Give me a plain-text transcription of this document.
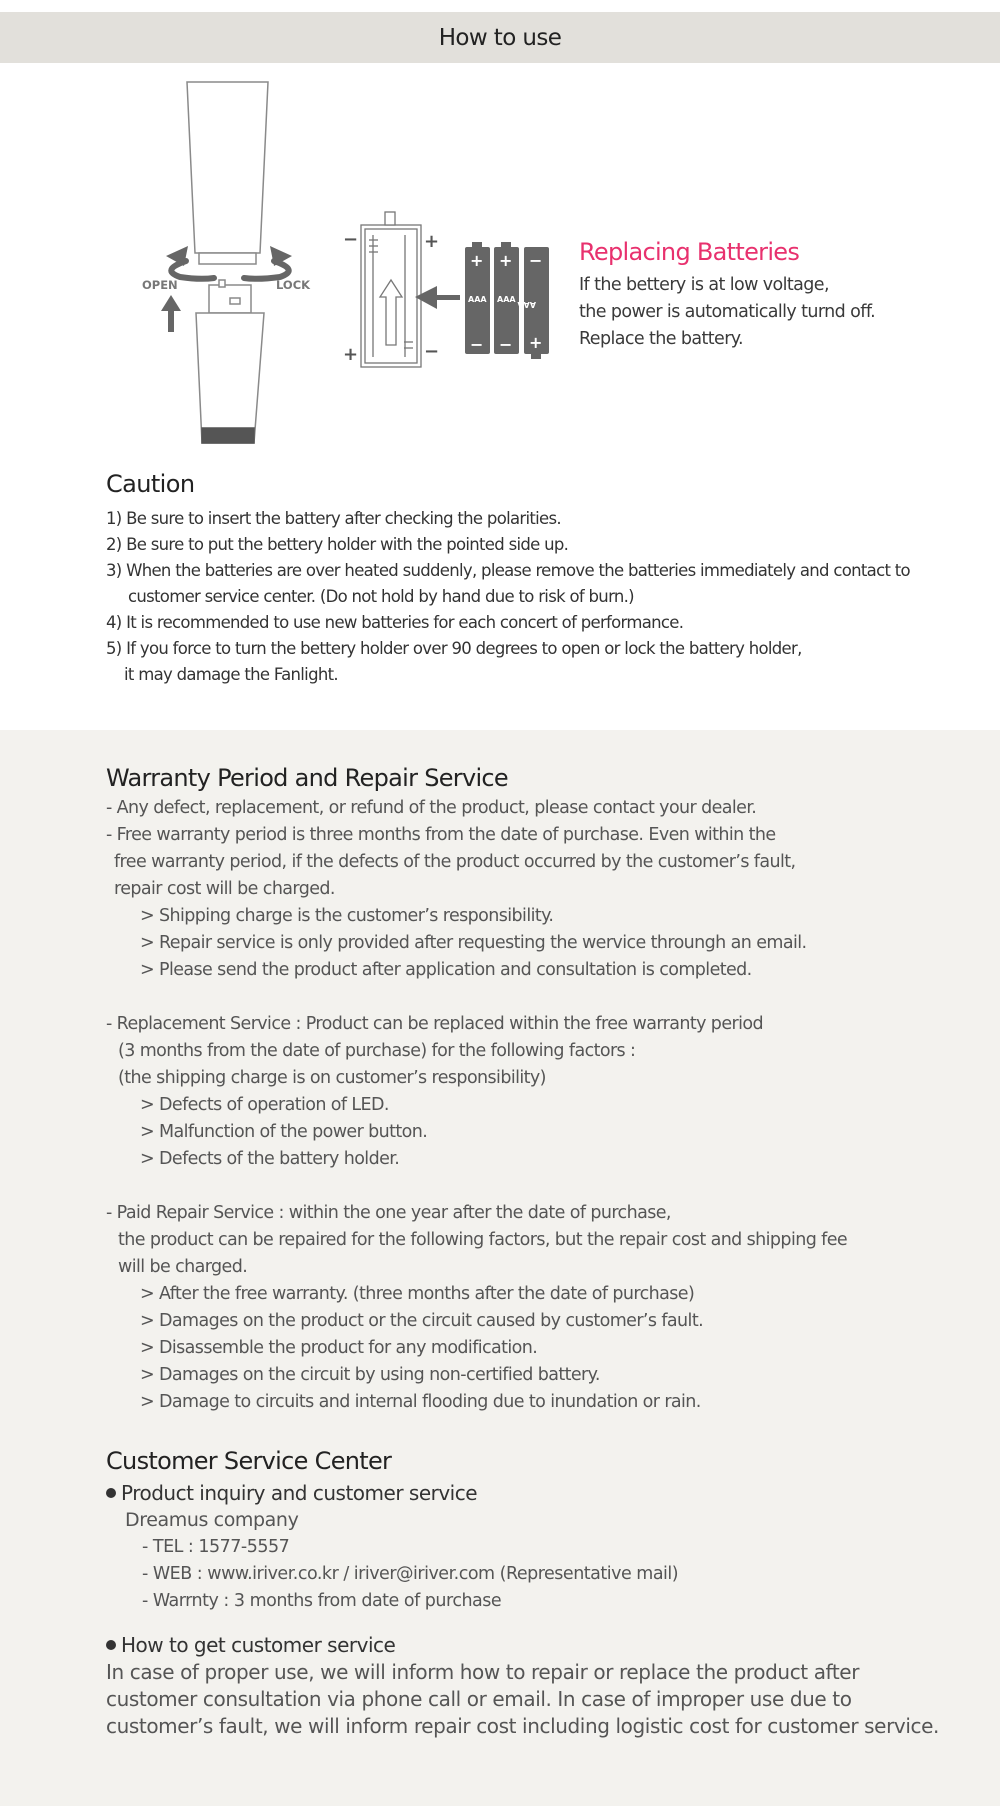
How to use
OPEN	LOCK
−	+
+	−
+
AAA
−
+
AAA
−
−
AAA
+
Replacing Batteries

If the bettery is at low voltage,

the power is automatically turnd off.

Replace the battery.

Caution
1) Be sure to insert the battery after checking the polarities.
2) Be sure to put the bettery holder with the pointed side up.
3) When the batteries are over heated suddenly, please remove the batteries immediately and contact to
customer service center. (Do not hold by hand due to risk of burn.)
4) It is recommended to use new batteries for each concert of performance.
5) If you force to turn the bettery holder over 90 degrees to open or lock the battery holder,
it may damage the Fanlight.
Warranty Period and Repair Service
- Any defect, replacement, or refund of the product, please contact your dealer.
- Free warranty period is three months from the date of purchase. Even within the
free warranty period, if the defects of the product occurred by the customer’s fault,
repair cost will be charged.
> Shipping charge is the customer’s responsibility.
> Repair service is only provided after requesting the wervice throungh an email.
> Please send the product after application and consultation is completed.
- Replacement Service : Product can be replaced within the free warranty period
(3 months from the date of purchase) for the following factors :
(the shipping charge is on customer’s responsibility)
> Defects of operation of LED.
> Malfunction of the power button.
> Defects of the battery holder.
- Paid Repair Service : within the one year after the date of purchase,
the product can be repaired for the following factors, but the repair cost and shipping fee
will be charged.
> After the free warranty. (three months after the date of purchase)
> Damages on the product or the circuit caused by customer’s fault.
> Disassemble the product for any modification.
> Damages on the circuit by using non-certified battery.
> Damage to circuits and internal flooding due to inundation or rain.
Customer Service Center
Product inquiry and customer service
Dreamus company
- TEL : 1577-5557
- WEB : www.iriver.co.kr / iriver@iriver.com (Representative mail)
- Warrnty : 3 months from date of purchase
How to get customer service
In case of proper use, we will inform how to repair or replace the product after
customer consultation via phone call or email. In case of improper use due to
customer’s fault, we will inform repair cost including logistic cost for customer service.
